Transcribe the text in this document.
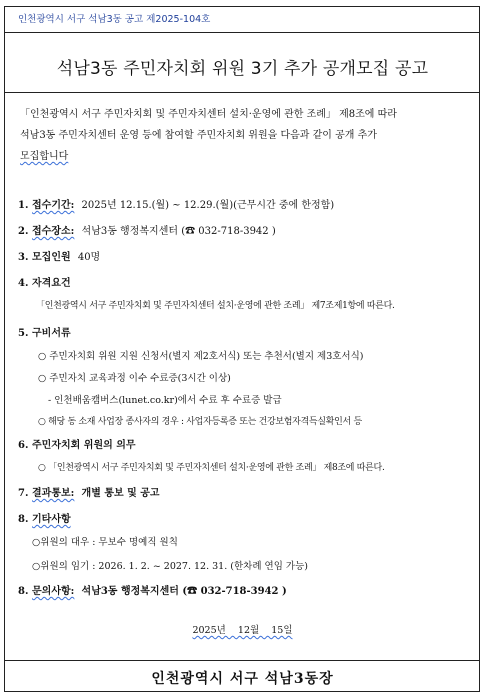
인천광역시 서구 석남3동 공고 제2025-104호
석남3동 주민자치회 위원 3기 추가 공개모집 공고
「인천광역시 서구 주민자치회 및 주민자치센터 설치·운영에 관한 조례」 제8조에 따라
석남3동 주민자치센터 운영 등에 참여할 주민자치회 위원을 다음과 같이 공개 추가
모집합니다
1. 접수기간: 2025년 12.15.(월) ~ 12.29.(월)(근무시간 중에 한정함)
2. 접수장소: 석남3동 행정복지센터 (☎ 032-718-3942 )
3. 모집인원 40명
4. 자격요건
「인천광역시 서구 주민자치회 및 주민자치센터 설치·운영에 관한 조례」 제7조제1항에 따른다.
5. 구비서류
○ 주민자치회 위원 지원 신청서(별지 제2호서식) 또는 추천서(별지 제3호서식)
○ 주민자치 교육과정 이수 수료증(3시간 이상)
- 인천배움캠버스(lunet.co.kr)에서 수료 후 수료증 발급
○ 해당 동 소재 사업장 종사자의 경우 : 사업자등록증 또는 건강보험자격득실확인서 등
6. 주민자치회 위원의 의무
○ 「인천광역시 서구 주민자치회 및 주민자치센터 설치·운영에 관한 조례」 제8조에 따른다.
7. 결과통보: 개별 통보 및 공고
8. 기타사항
○위원의 대우 : 무보수 명예직 원칙
○위원의 임기 : 2026. 1. 2. ~ 2027. 12. 31. (한차례 연임 가능)
8. 문의사항: 석남3동 행정복지센터 (☎ 032-718-3942 )
2025년    12월    15일
인천광역시 서구 석남3동장
